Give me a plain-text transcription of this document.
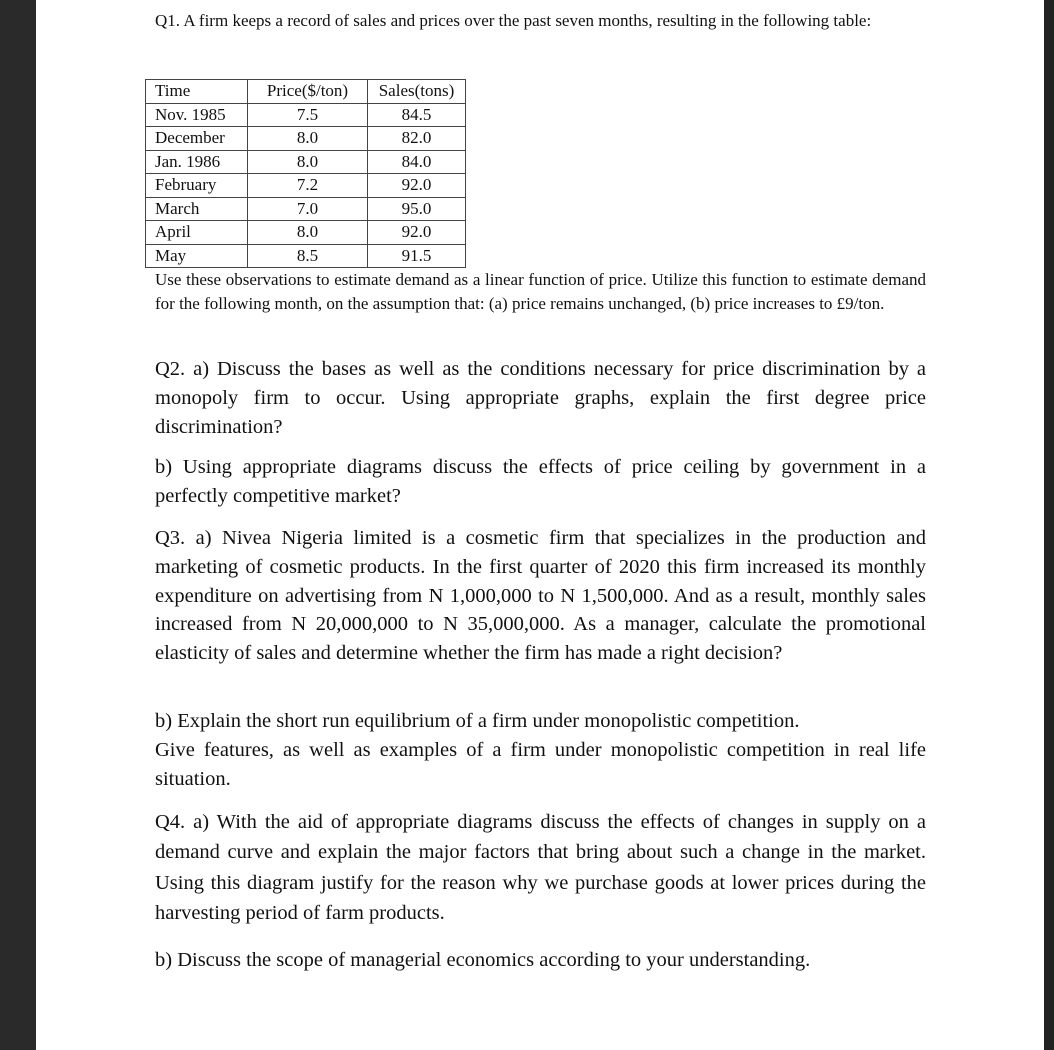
Q1. A firm keeps a record of sales and prices over the past seven months, resulting in the following table:

Time	Price($/ton)	Sales(tons)
Nov. 1985	7.5	84.5
December	8.0	82.0
Jan. 1986	8.0	84.0
February	7.2	92.0
March	7.0	95.0
April	8.0	92.0
May	8.5	91.5

Use these observations to estimate demand as a linear function of price. Utilize this function to estimate demand for the following month, on the assumption that: (a) price remains unchanged, (b) price increases to £9/ton.

Q2. a) Discuss the bases as well as the conditions necessary for price discrimination by a monopoly firm to occur. Using appropriate graphs, explain the first degree price discrimination?

b) Using appropriate diagrams discuss the effects of price ceiling by government in a perfectly competitive market?

Q3. a) Nivea Nigeria limited is a cosmetic firm that specializes in the production and marketing of cosmetic products. In the first quarter of 2020 this firm increased its monthly expenditure on advertising from N 1,000,000 to N 1,500,000. And as a result, monthly sales increased from N 20,000,000 to N 35,000,000. As a manager, calculate the promotional elasticity of sales and determine whether the firm has made a right decision?

b) Explain the short run equilibrium of a firm under monopolistic competition.
Give features, as well as examples of a firm under monopolistic competition in real life situation.

Q4. a) With the aid of appropriate diagrams discuss the effects of changes in supply on a demand curve and explain the major factors that bring about such a change in the market. Using this diagram justify for the reason why we purchase goods at lower prices during the harvesting period of farm products.

b) Discuss the scope of managerial economics according to your understanding.
